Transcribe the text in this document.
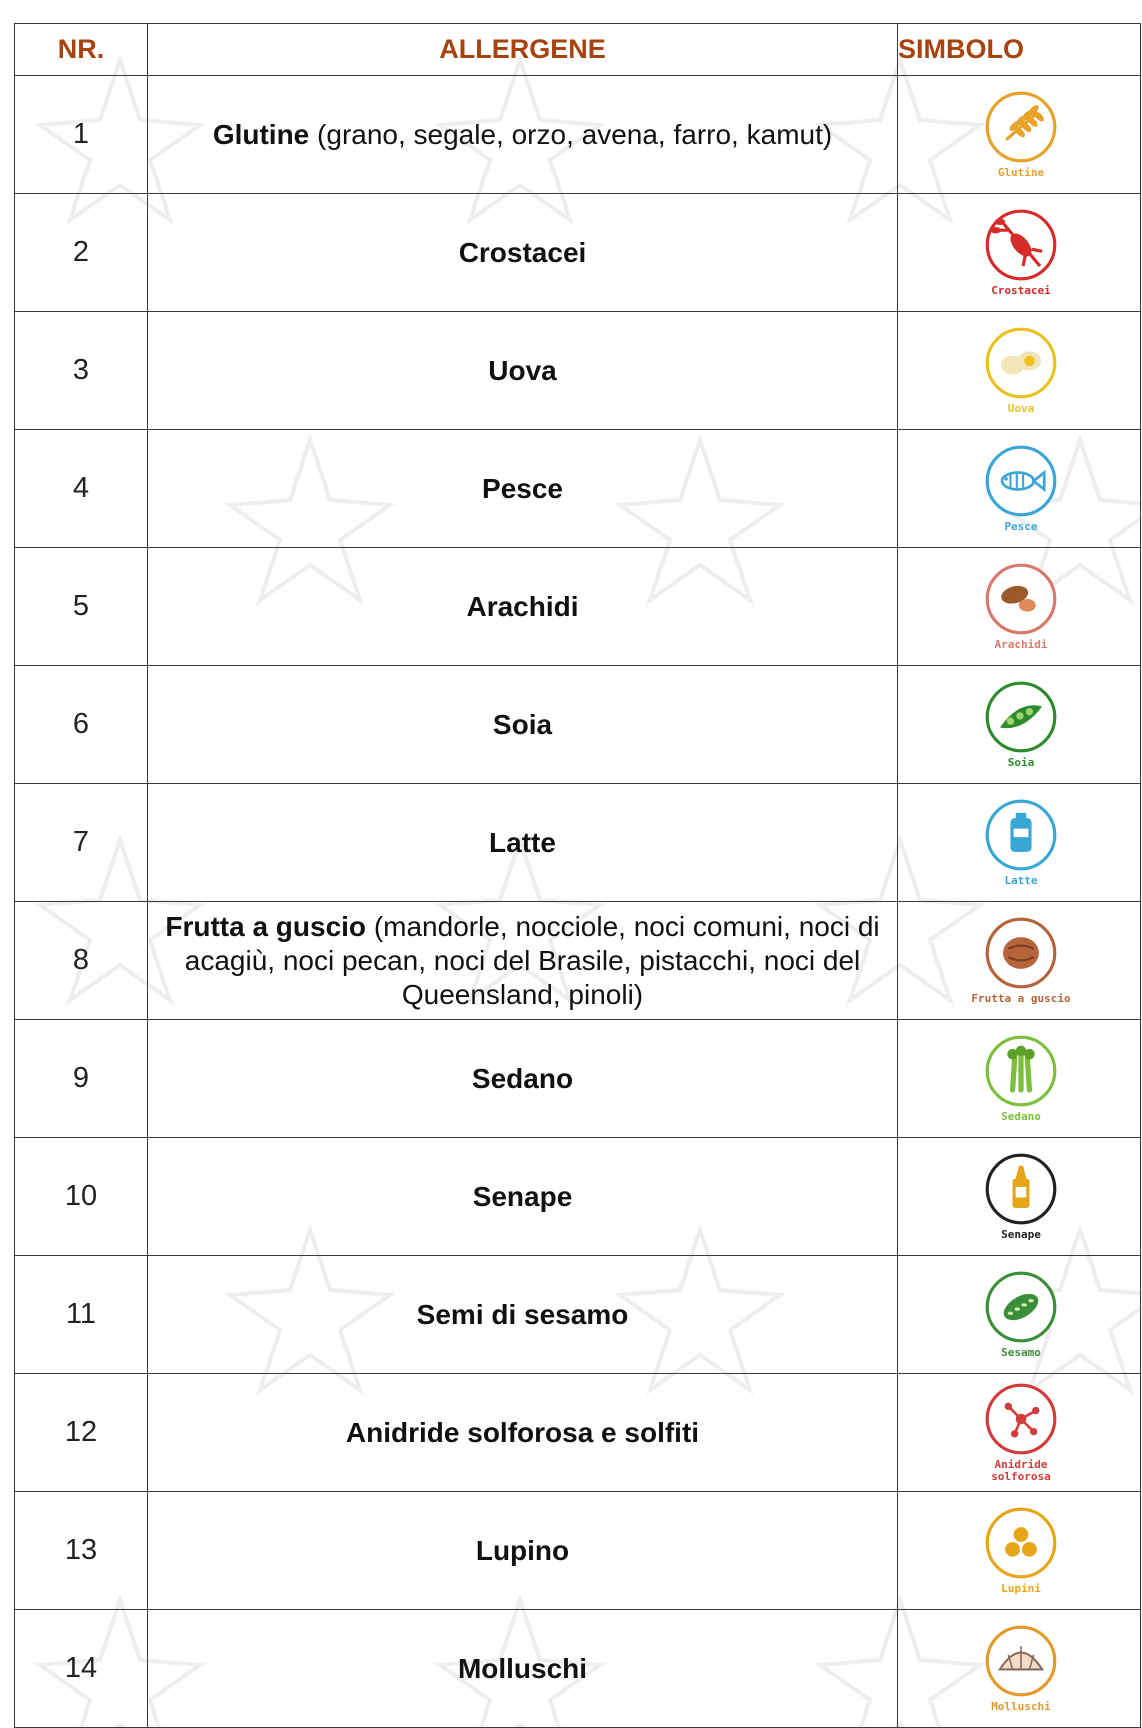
NR.	ALLERGENE	SIMBOLO
1	Glutine (grano, segale, orzo, avena, farro, kamut)	Glutine

2	Crostacei	Crostacei

3	Uova	Uova

4	Pesce	Pesce

5	Arachidi	Arachidi

6	Soia	Soia

7	Latte	Latte

8	Frutta a guscio (mandorle, nocciole, noci comuni, noci di acagiù, noci pecan, noci del Brasile, pistacchi, noci del Queensland, pinoli)	Frutta a guscio

9	Sedano	Sedano

10	Senape	Senape

11	Semi di sesamo	Sesamo

12	Anidride solforosa e solfiti	Anidride solforosa

13	Lupino	Lupini

14	Molluschi	Molluschi
